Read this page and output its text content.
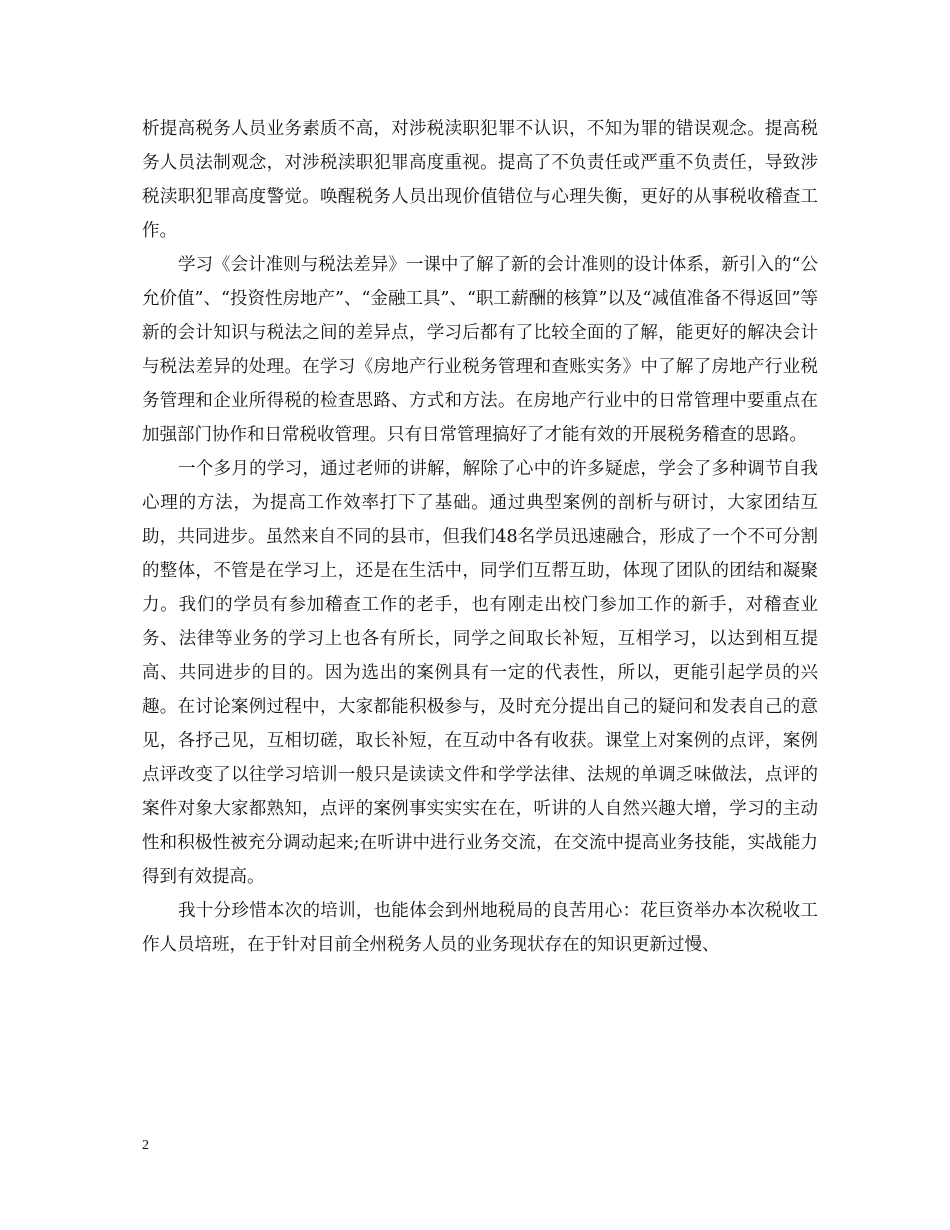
析提高税务人员业务素质不高，对涉税渎职犯罪不认识，不知为罪的错误观念。提高税务人员法制观念，对涉税渎职犯罪高度重视。提高了不负责任或严重不负责任，导致涉税渎职犯罪高度警觉。唤醒税务人员出现价值错位与心理失衡，更好的从事税收稽查工作。

学习《会计准则与税法差异》一课中了解了新的会计准则的设计体系，新引入的“公允价值”、“投资性房地产”、“金融工具”、“职工薪酬的核算”以及“减值准备不得返回”等新的会计知识与税法之间的差异点，学习后都有了比较全面的了解，能更好的解决会计与税法差异的处理。在学习《房地产行业税务管理和查账实务》中了解了房地产行业税务管理和企业所得税的检查思路、方式和方法。在房地产行业中的日常管理中要重点在加强部门协作和日常税收管理。只有日常管理搞好了才能有效的开展税务稽查的思路。

一个多月的学习，通过老师的讲解，解除了心中的许多疑虑，学会了多种调节自我心理的方法，为提高工作效率打下了基础。通过典型案例的剖析与研讨，大家团结互助，共同进步。虽然来自不同的县市，但我们48名学员迅速融合，形成了一个不可分割的整体，不管是在学习上，还是在生活中，同学们互帮互助，体现了团队的团结和凝聚力。我们的学员有参加稽查工作的老手，也有刚走出校门参加工作的新手，对稽查业务、法律等业务的学习上也各有所长，同学之间取长补短，互相学习，以达到相互提高、共同进步的目的。因为选出的案例具有一定的代表性，所以，更能引起学员的兴趣。在讨论案例过程中，大家都能积极参与，及时充分提出自己的疑问和发表自己的意见，各抒己见，互相切磋，取长补短，在互动中各有收获。课堂上对案例的点评，案例点评改变了以往学习培训一般只是读读文件和学学法律、法规的单调乏味做法，点评的案件对象大家都熟知，点评的案例事实实实在在，听讲的人自然兴趣大增，学习的主动性和积极性被充分调动起来;在听讲中进行业务交流，在交流中提高业务技能，实战能力得到有效提高。

我十分珍惜本次的培训，也能体会到州地税局的良苦用心：花巨资举办本次税收工作人员培班，在于针对目前全州税务人员的业务现状存在的知识更新过慢、

2
